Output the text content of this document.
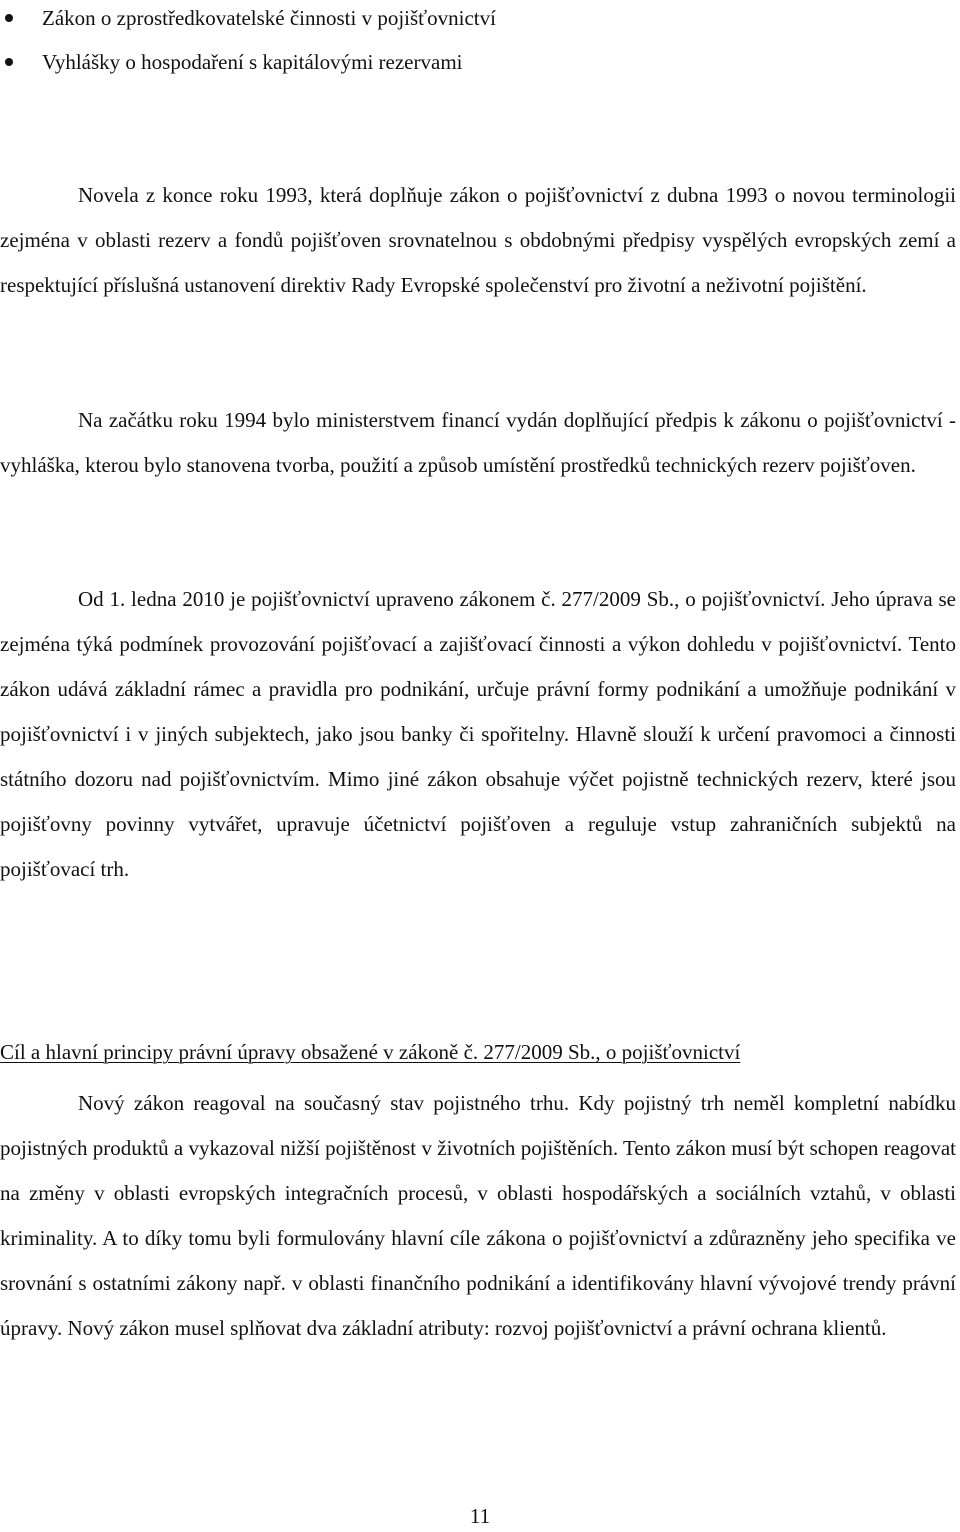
Zákon o zprostředkovatelské činnosti v pojišťovnictví
Vyhlášky o hospodaření s kapitálovými rezervami

Novela z konce roku 1993, která doplňuje zákon o pojišťovnictví z dubna 1993 o novou terminologii zejména v oblasti rezerv a fondů pojišťoven srovnatelnou s obdobnými předpisy vyspělých evropských zemí a respektující příslušná ustanovení direktiv Rady Evropské společenství pro životní a neživotní pojištění.

Na začátku roku 1994 bylo ministerstvem financí vydán doplňující předpis k zákonu o pojišťovnictví - vyhláška, kterou bylo stanovena tvorba, použití a způsob umístění prostředků technických rezerv pojišťoven.

Od 1. ledna 2010 je pojišťovnictví upraveno zákonem č. 277/2009 Sb., o pojišťovnictví. Jeho úprava se zejména týká podmínek provozování pojišťovací a zajišťovací činnosti a výkon dohledu v pojišťovnictví. Tento zákon udává základní rámec a pravidla pro podnikání, určuje právní formy podnikání a umožňuje podnikání v pojišťovnictví i v jiných subjektech, jako jsou banky či spořitelny. Hlavně slouží k určení pravomoci a činnosti státního dozoru nad pojišťovnictvím. Mimo jiné zákon obsahuje výčet pojistně technických rezerv, které jsou pojišťovny povinny vytvářet, upravuje účetnictví pojišťoven a reguluje vstup zahraničních subjektů na pojišťovací trh.

Cíl a hlavní principy právní úpravy obsažené v zákoně č. 277/2009 Sb., o pojišťovnictví

Nový zákon reagoval na současný stav pojistného trhu. Kdy pojistný trh neměl kompletní nabídku pojistných produktů a vykazoval nižší pojištěnost v životních pojištěních. Tento zákon musí být schopen reagovat na změny v oblasti evropských integračních procesů, v oblasti hospodářských a sociálních vztahů, v oblasti kriminality. A to díky tomu byli formulovány hlavní cíle zákona o pojišťovnictví a zdůrazněny jeho specifika ve srovnání s ostatními zákony např. v oblasti finančního podnikání a identifikovány hlavní vývojové trendy právní úpravy. Nový zákon musel splňovat dva základní atributy: rozvoj pojišťovnictví a právní ochrana klientů.

11
